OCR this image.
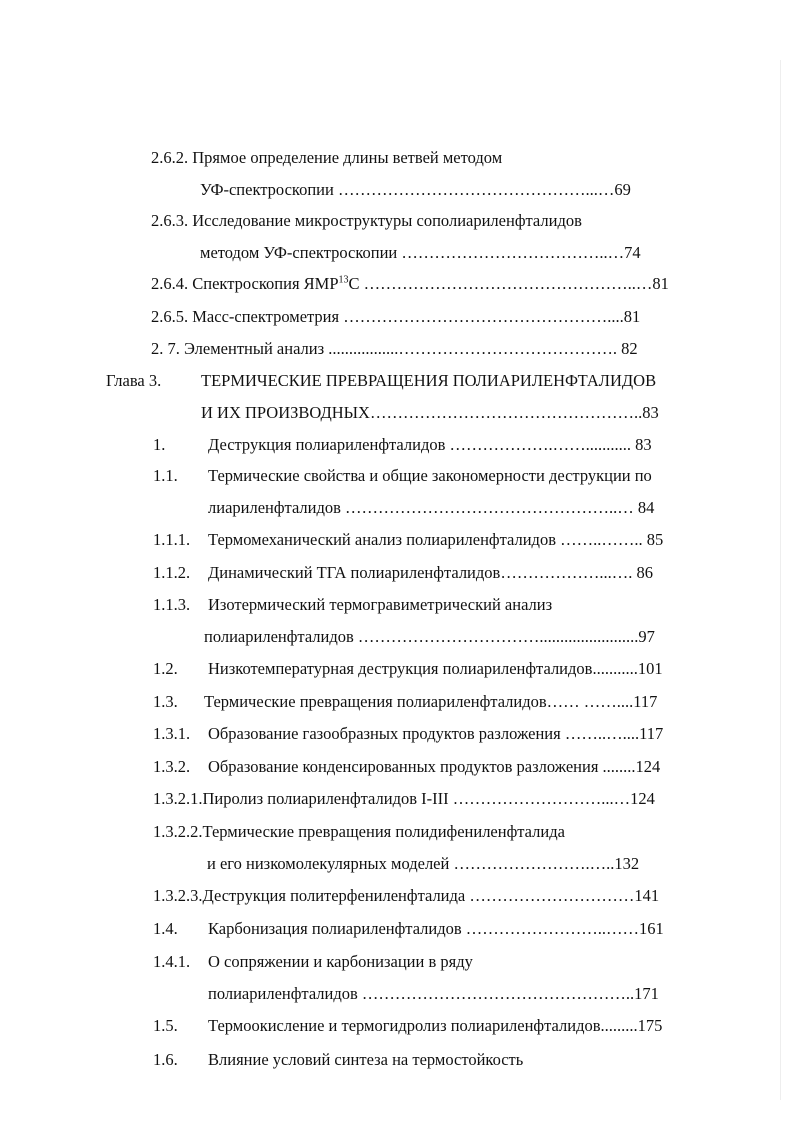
2.6.2. Прямое определение длины ветвей методом
УФ-спектроскопии ………………………………………...…69
2.6.3. Исследование микроструктуры сополиариленфталидов
методом УФ-спектроскопии ………………………………..…74
2.6.4. Спектроскопия ЯМР$^{13}$С …………………………………………..…81
2.6.5. Масс-спектрометрия …………………………………………....81
2. 7. Элементный анализ .................…………………………………. 82
Глава 3. ТЕРМИЧЕСКИЕ ПРЕВРАЩЕНИЯ ПОЛИАРИЛЕНФТАЛИДОВ
И ИХ ПРОИЗВОДНЫХ…………………………………………..83
1.	Деструкция полиариленфталидов ……………….……........... 83
1.1. Термические свойства и общие закономерности деструкции по
лиариленфталидов …………………………………………..… 84
1.1.1. Термомеханический анализ полиариленфталидов ……..…….. 85
1.1.2. Динамический ТГА полиариленфталидов………………...…. 86
1.1.3. Изотермический термогравиметрический анализ
полиариленфталидов ……………………………........................97
1.2. Низкотемпературная деструкция полиариленфталидов...........101
1.3. Термические превращения полиариленфталидов…… ……....117
1.3.1. Образование газообразных продуктов разложения ……..…....117
1.3.2. Образование конденсированных продуктов разложения ........124
1.3.2.1.Пиролиз полиариленфталидов I-III ………………………...…124
1.3.2.2.Термические превращения полидифениленфталида
и его низкомолекулярных моделей …………………….…..132
1.3.2.3.Деструкция политерфениленфталида …………………………141
1.4. Карбонизация полиариленфталидов ……………………..……161
1.4.1. О сопряжении и карбонизации в ряду
полиариленфталидов …………………………………………..171
1.5. Термоокисление и термогидролиз полиариленфталидов.........175
1.6. Влияние условий синтеза на термостойкость
